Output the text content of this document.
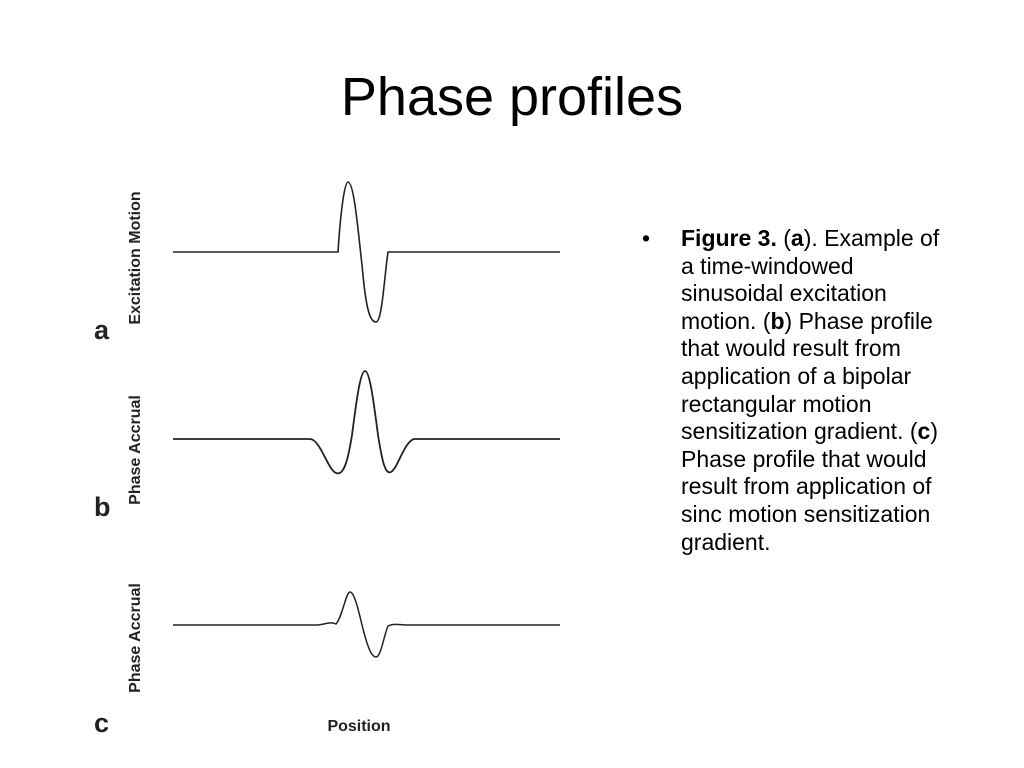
Phase profiles
Excitation Motion
a
Phase Accrual
b
Phase Accrual
c	Position
• Figure 3. (a). Example of a time-windowed sinusoidal excitation motion. (b) Phase profile that would result from application of a bipolar rectangular motion sensitization gradient. (c) Phase profile that would result from application of sinc motion sensitization gradient.
